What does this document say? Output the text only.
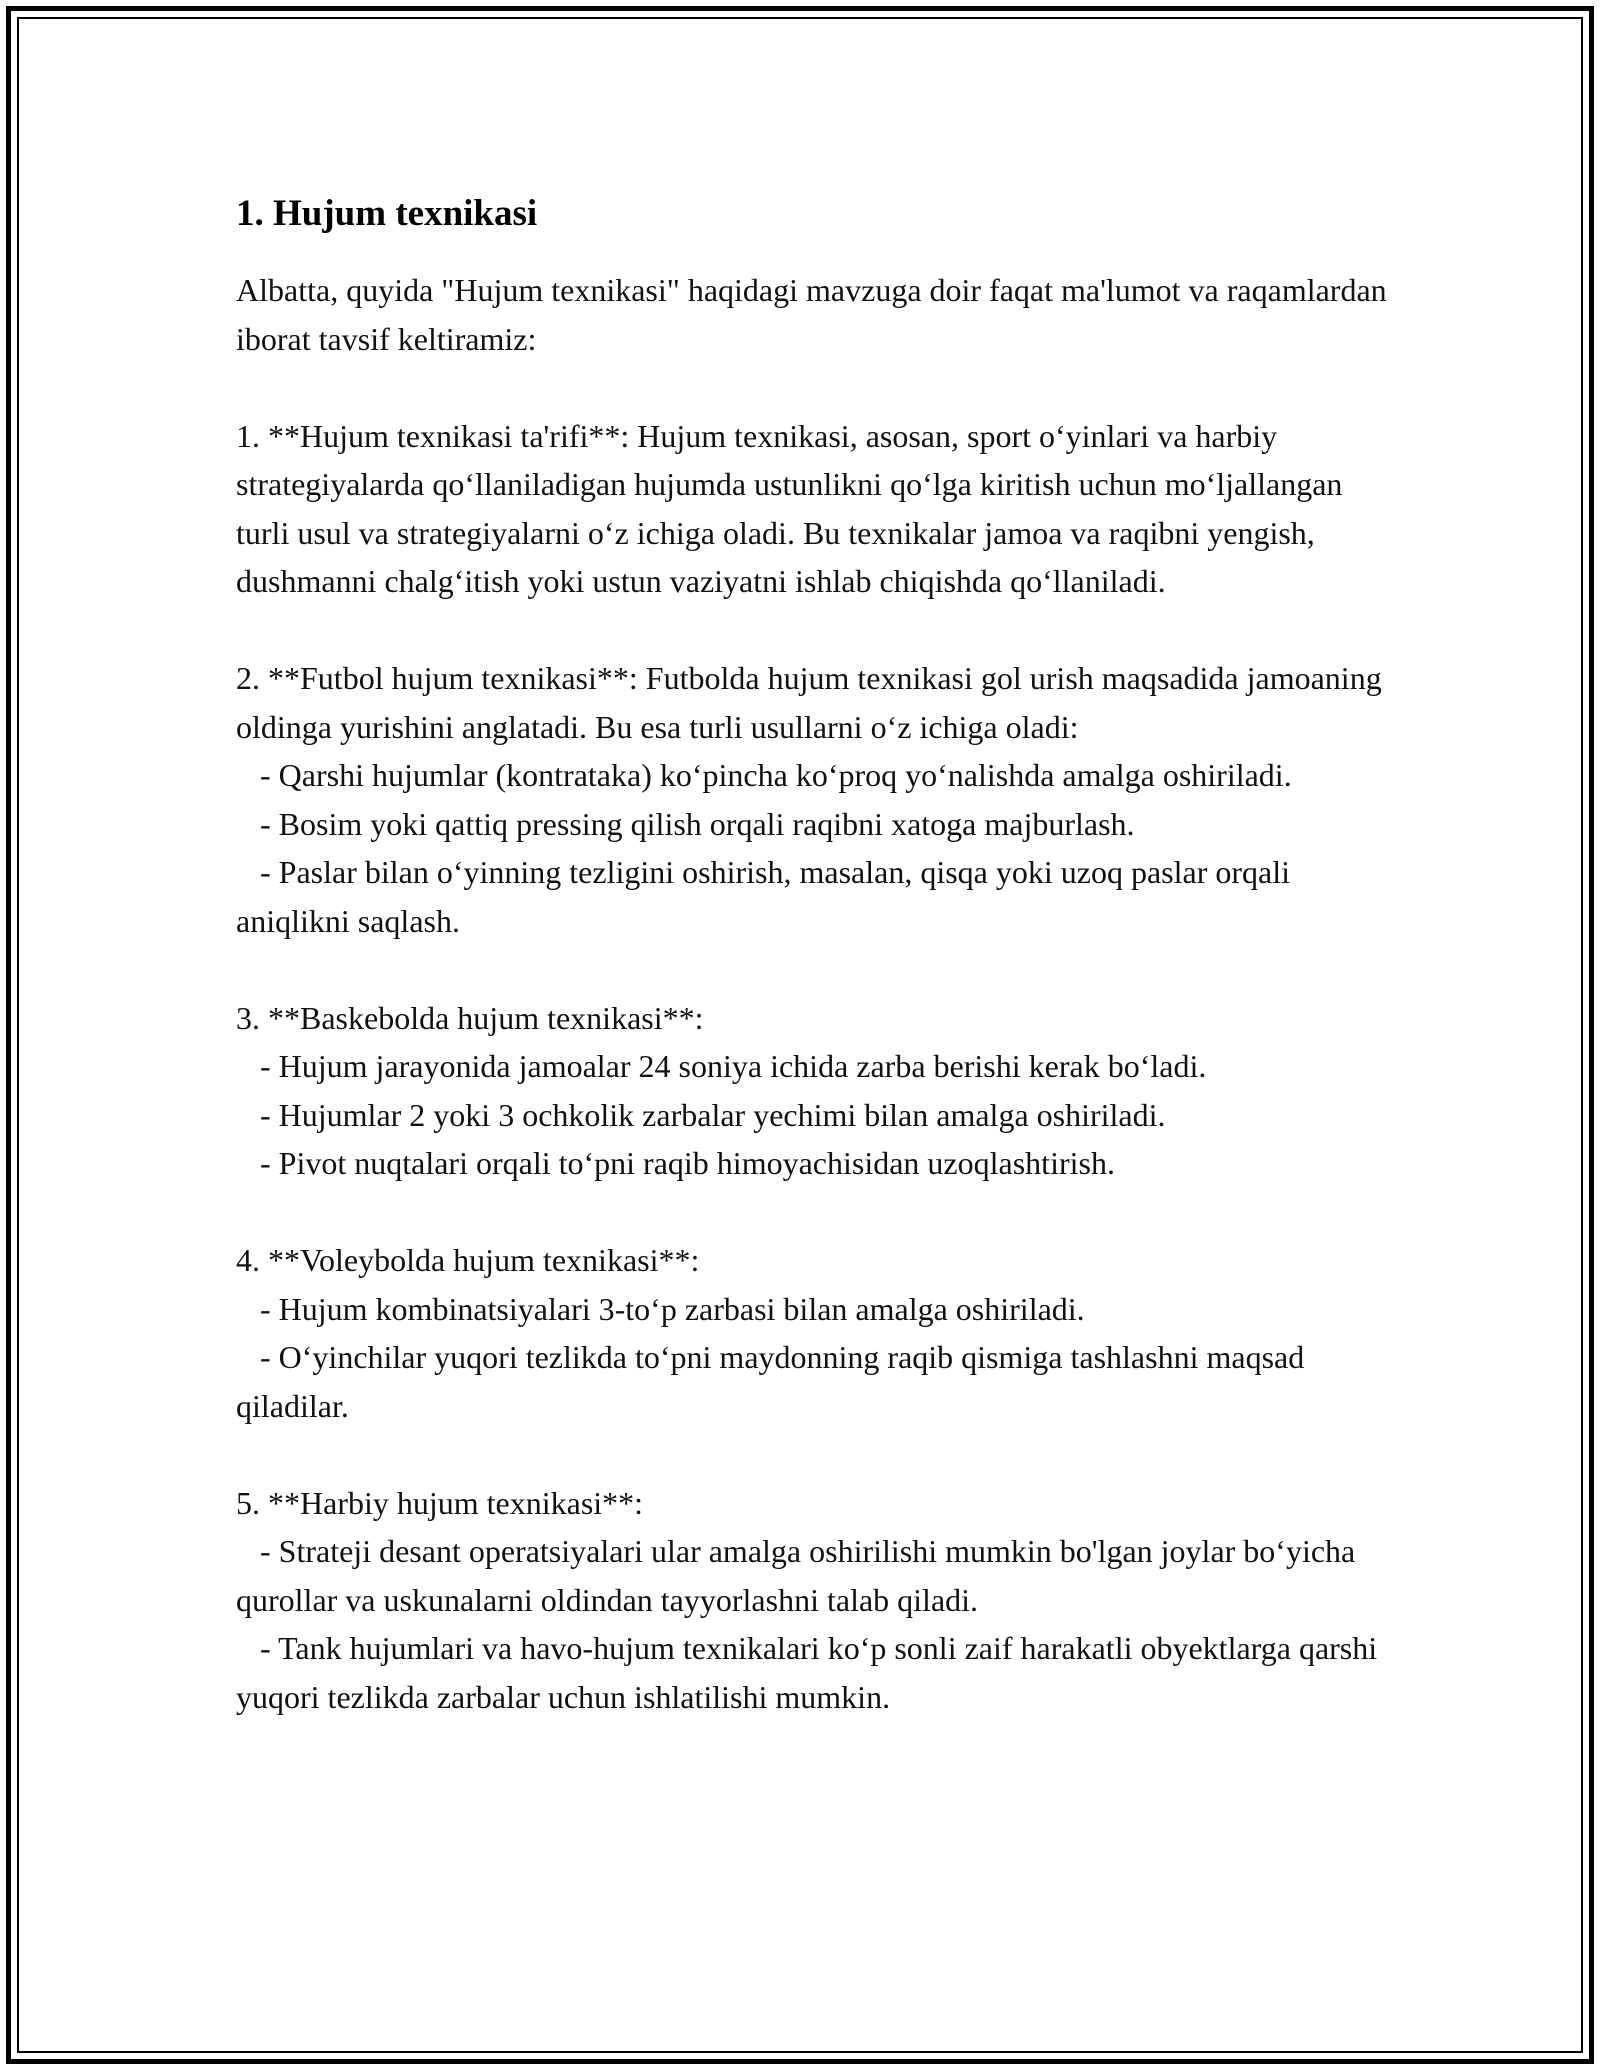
1. Hujum texnikasi

Albatta, quyida "Hujum texnikasi" haqidagi mavzuga doir faqat ma'lumot va raqamlardan iborat tavsif keltiramiz:

1. **Hujum texnikasi ta'rifi**: Hujum texnikasi, asosan, sport o‘yinlari va harbiy strategiyalarda qo‘llaniladigan hujumda ustunlikni qo‘lga kiritish uchun mo‘ljallangan turli usul va strategiyalarni o‘z ichiga oladi. Bu texnikalar jamoa va raqibni yengish, dushmanni chalg‘itish yoki ustun vaziyatni ishlab chiqishda qo‘llaniladi.

2. **Futbol hujum texnikasi**: Futbolda hujum texnikasi gol urish maqsadida jamoaning oldinga yurishini anglatadi. Bu esa turli usullarni o‘z ichiga oladi:

- Qarshi hujumlar (kontrataka) ko‘pincha ko‘proq yo‘nalishda amalga oshiriladi.

- Bosim yoki qattiq pressing qilish orqali raqibni xatoga majburlash.

- Paslar bilan o‘yinning tezligini oshirish, masalan, qisqa yoki uzoq paslar orqali aniqlikni saqlash.

3. **Baskebolda hujum texnikasi**:

- Hujum jarayonida jamoalar 24 soniya ichida zarba berishi kerak bo‘ladi.

- Hujumlar 2 yoki 3 ochkolik zarbalar yechimi bilan amalga oshiriladi.

- Pivot nuqtalari orqali to‘pni raqib himoyachisidan uzoqlashtirish.

4. **Voleybolda hujum texnikasi**:

- Hujum kombinatsiyalari 3-to‘p zarbasi bilan amalga oshiriladi.

- O‘yinchilar yuqori tezlikda to‘pni maydonning raqib qismiga tashlashni maqsad qiladilar.

5. **Harbiy hujum texnikasi**:

- Strateji desant operatsiyalari ular amalga oshirilishi mumkin bo'lgan joylar bo‘yicha qurollar va uskunalarni oldindan tayyorlashni talab qiladi.

- Tank hujumlari va havo-hujum texnikalari ko‘p sonli zaif harakatli obyektlarga qarshi yuqori tezlikda zarbalar uchun ishlatilishi mumkin.
